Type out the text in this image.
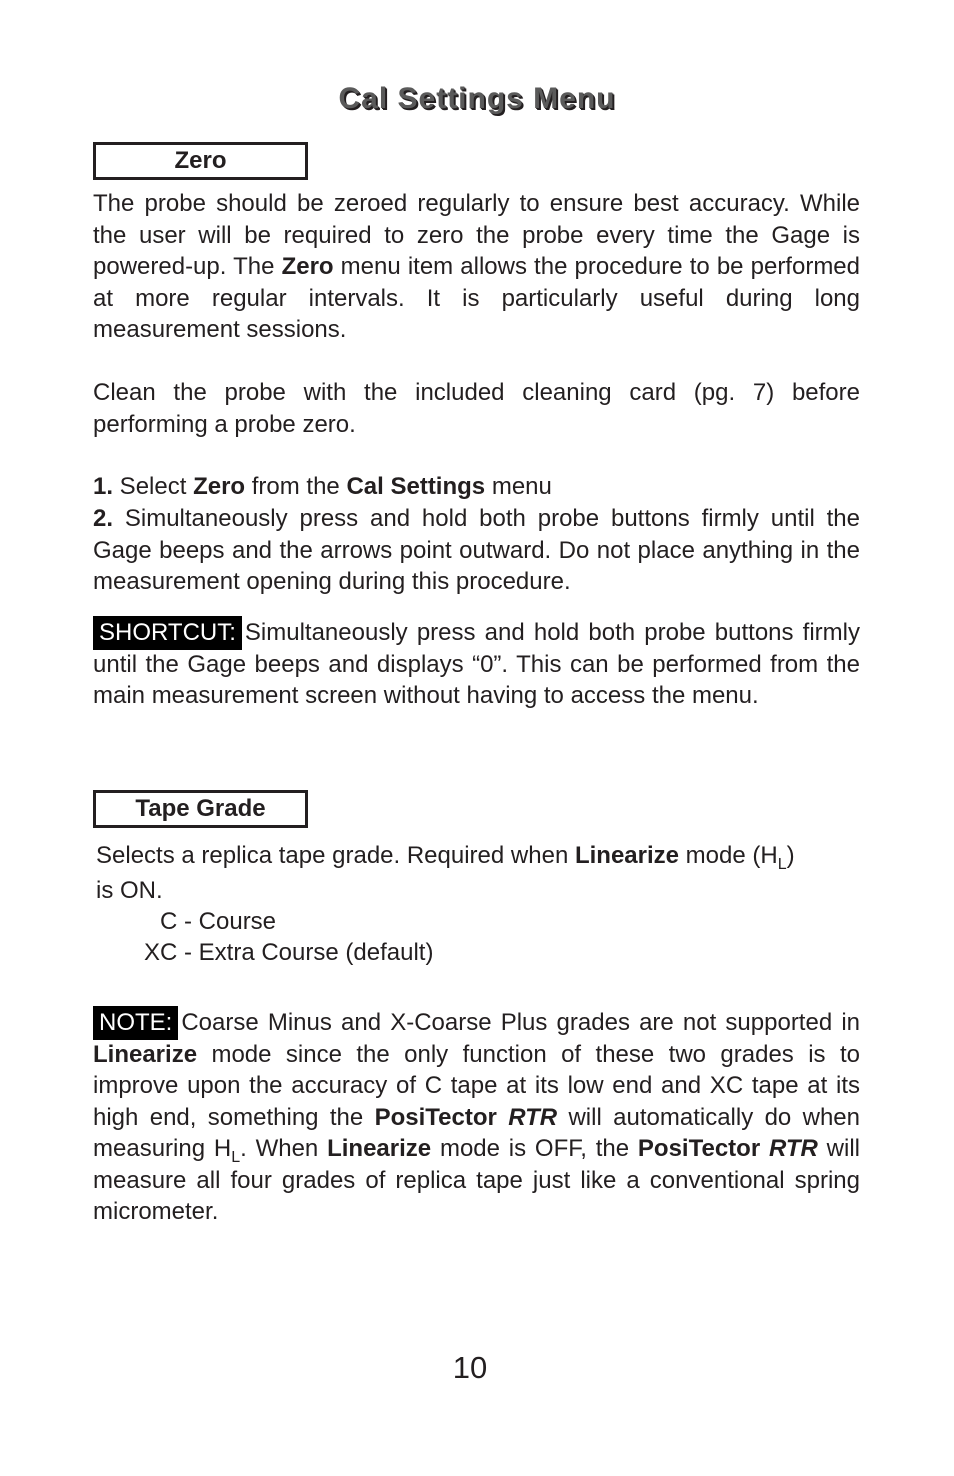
Cal Settings Menu
Zero
The probe should be zeroed regularly to ensure best accuracy. While the user will be required to zero the probe every time the Gage is powered-up. The Zero menu item allows the procedure to be performed at more regular intervals. It is particularly useful during long measurement sessions.
Clean the probe with the included cleaning card (pg. 7) before performing a probe zero.
1. Select Zero from the Cal Settings menu
2. Simultaneously press and hold both probe buttons firmly until the Gage beeps and the arrows point outward. Do not place anything in the measurement opening during this procedure.
SHORTCUT: Simultaneously press and hold both probe buttons firmly until the Gage beeps and displays “0”. This can be performed from the main measurement screen without having to access the menu.
Tape Grade
Selects a replica tape grade. Required when Linearize mode $(H_L)$
is ON.
C - Course
XC - Extra Course (default)
NOTE: Coarse Minus and X-Coarse Plus grades are not supported in Linearize mode since the only function of these two grades is to improve upon the accuracy of C tape at its low end and XC tape at its high end, something the PosiTector RTR will automatically do when measuring $H_L$. When Linearize mode is OFF, the PosiTector RTR will measure all four grades of replica tape just like a conventional spring micrometer.
10
